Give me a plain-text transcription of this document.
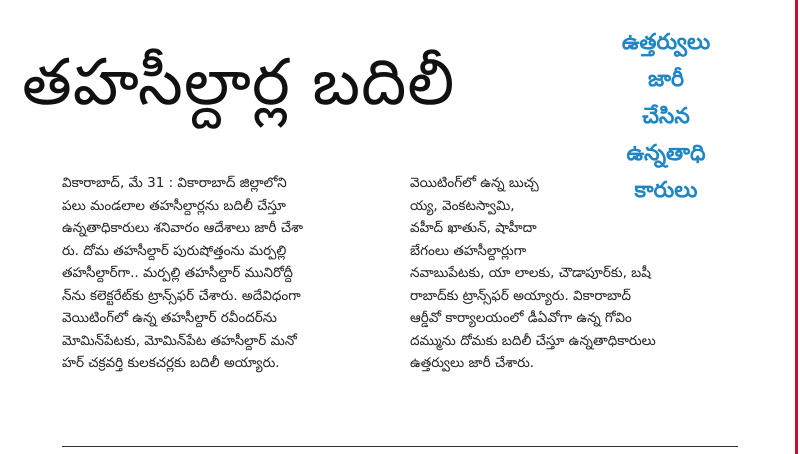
తహసీల్దార్ల బదిలీ
ఉత్తర్వులు
జారీ
చేసిన
ఉన్నతాధి
కారులు

వికారాబాద్, మే 31 : వికారాబాద్ జిల్లాలోని

పలు మండలాల తహసీల్దార్లను బదిలీ చేస్తూ

ఉన్నతాధికారులు శనివారం ఆదేశాలు జారీ చేశా

రు. దోమ తహసీల్దార్ పురుషోత్తంను మర్పల్లి

తహసీల్దార్‌గా.. మర్పల్లి తహసీల్దార్ మునిరోద్దీ

న్‌ను కలెక్టరేట్‌కు ట్రాన్స్‌ఫర్ చేశారు. అదేవిధంగా

వెయిటింగ్‌లో ఉన్న తహసీల్దార్ రవీందర్‌ను

మోమిన్‌పేటకు, మోమిన్‌పేట తహసీల్దార్ మనో

హర్ చక్రవర్తి కులకచర్లకు బదిలీ అయ్యారు.

వెయిటింగ్‌లో ఉన్న బుచ్చ

య్య, వెంకటస్వామి,

వహీద్ ఖాతున్, షాహీదా

బేగంలు తహసీల్దార్లుగా

నవాబుపేటకు, యా లాలకు, చౌడాపూర్‌కు, బషీ

రాబాద్‌కు ట్రాన్స్‌ఫర్ అయ్యారు. వికారాబాద్

ఆర్డీవో కార్యాలయంలో డీఏవోగా ఉన్న గోవిం

దమ్మును దోమకు బదిలీ చేస్తూ ఉన్నతాధికారులు

ఉత్తర్వులు జారీ చేశారు.
